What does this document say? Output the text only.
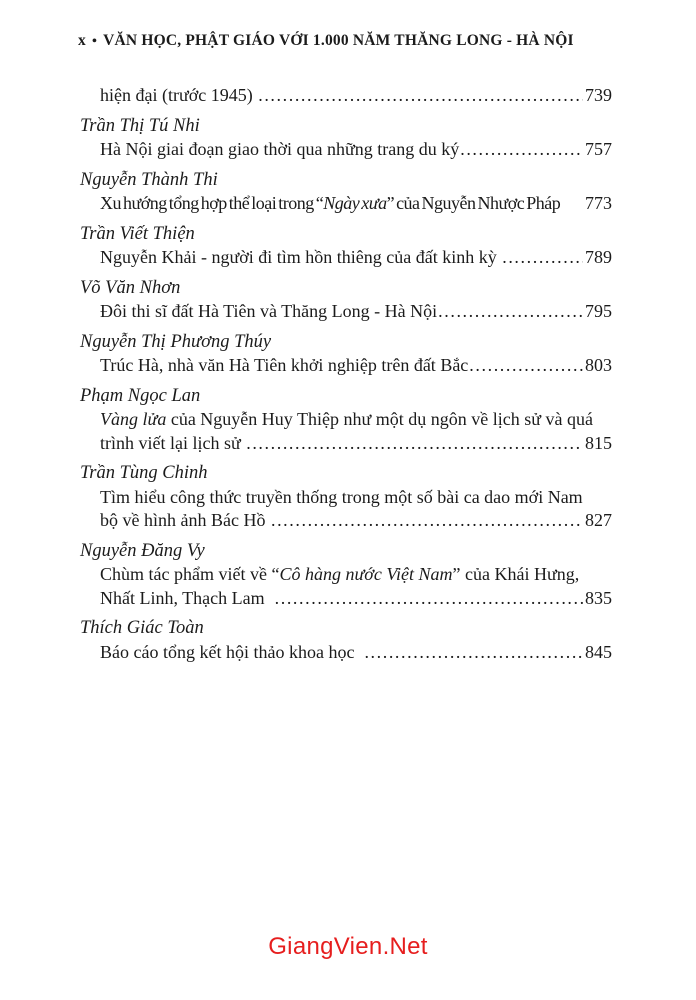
x • VĂN HỌC, PHẬT GIÁO VỚI 1.000 NĂM THĂNG LONG - HÀ NỘI
hiện đại (trước 1945) .....	739
Trần Thị Tú Nhi
Hà Nội giai đoạn giao thời qua những trang du ký .....	757
Nguyễn Thành Thi
Xu hướng tổng hợp thể loại trong “Ngày xưa” của Nguyễn Nhược Pháp 773
Trần Viết Thiện
Nguyễn Khải - người đi tìm hồn thiêng của đất kinh kỳ .....	789
Võ Văn Nhơn
Đôi thi sĩ đất Hà Tiên và Thăng Long - Hà Nội .....	795
Nguyễn Thị Phương Thúy
Trúc Hà, nhà văn Hà Tiên khởi nghiệp trên đất Bắc .....	803
Phạm Ngọc Lan
Vàng lửa của Nguyễn Huy Thiệp như một dụ ngôn về lịch sử và quá
trình viết lại lịch sử .....	815
Trần Tùng Chinh
Tìm hiểu công thức truyền thống trong một số bài ca dao mới Nam
bộ về hình ảnh Bác Hồ .....	827
Nguyễn Đăng Vy
Chùm tác phẩm viết về “Cô hàng nước Việt Nam” của Khái Hưng,
Nhất Linh, Thạch Lam .....	835
Thích Giác Toàn
Báo cáo tổng kết hội thảo khoa học .....	845
GiangVien.Net
